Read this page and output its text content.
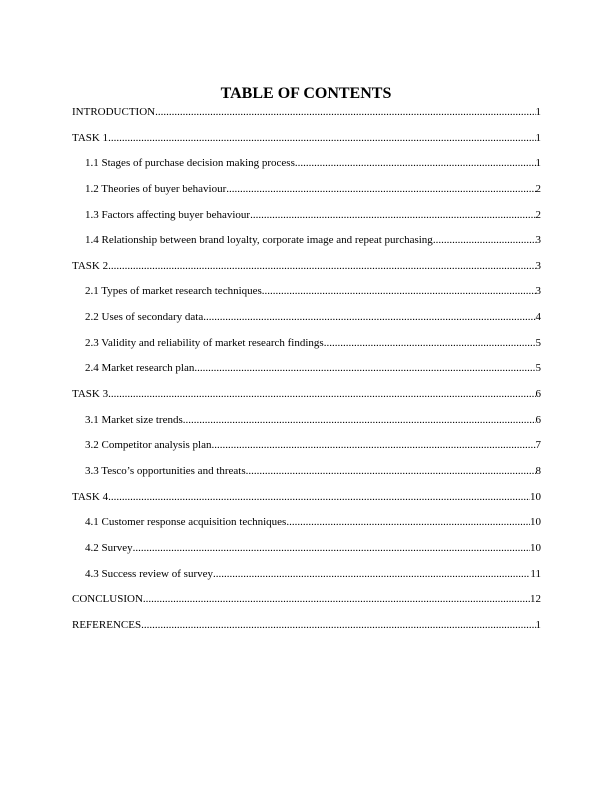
TABLE OF CONTENTS
INTRODUCTION .....	1
TASK 1 .....	1
1.1 Stages of purchase decision making process .....	1
1.2 Theories of buyer behaviour .....	2
1.3 Factors affecting buyer behaviour .....	2
1.4 Relationship between brand loyalty, corporate image and repeat purchasing .....	3
TASK 2 .....	3
2.1 Types of market research techniques .....	3
2.2 Uses of secondary data .....	4
2.3 Validity and reliability of market research findings .....	5
2.4 Market research plan .....	5
TASK 3 .....	6
3.1 Market size trends .....	6
3.2 Competitor analysis plan .....	7
3.3 Tesco’s opportunities and threats .....	8
TASK 4 .....	10
4.1 Customer response acquisition techniques .....	10
4.2 Survey .....	10
4.3 Success review of survey .....	11
CONCLUSION .....	12
REFERENCES .....	1
